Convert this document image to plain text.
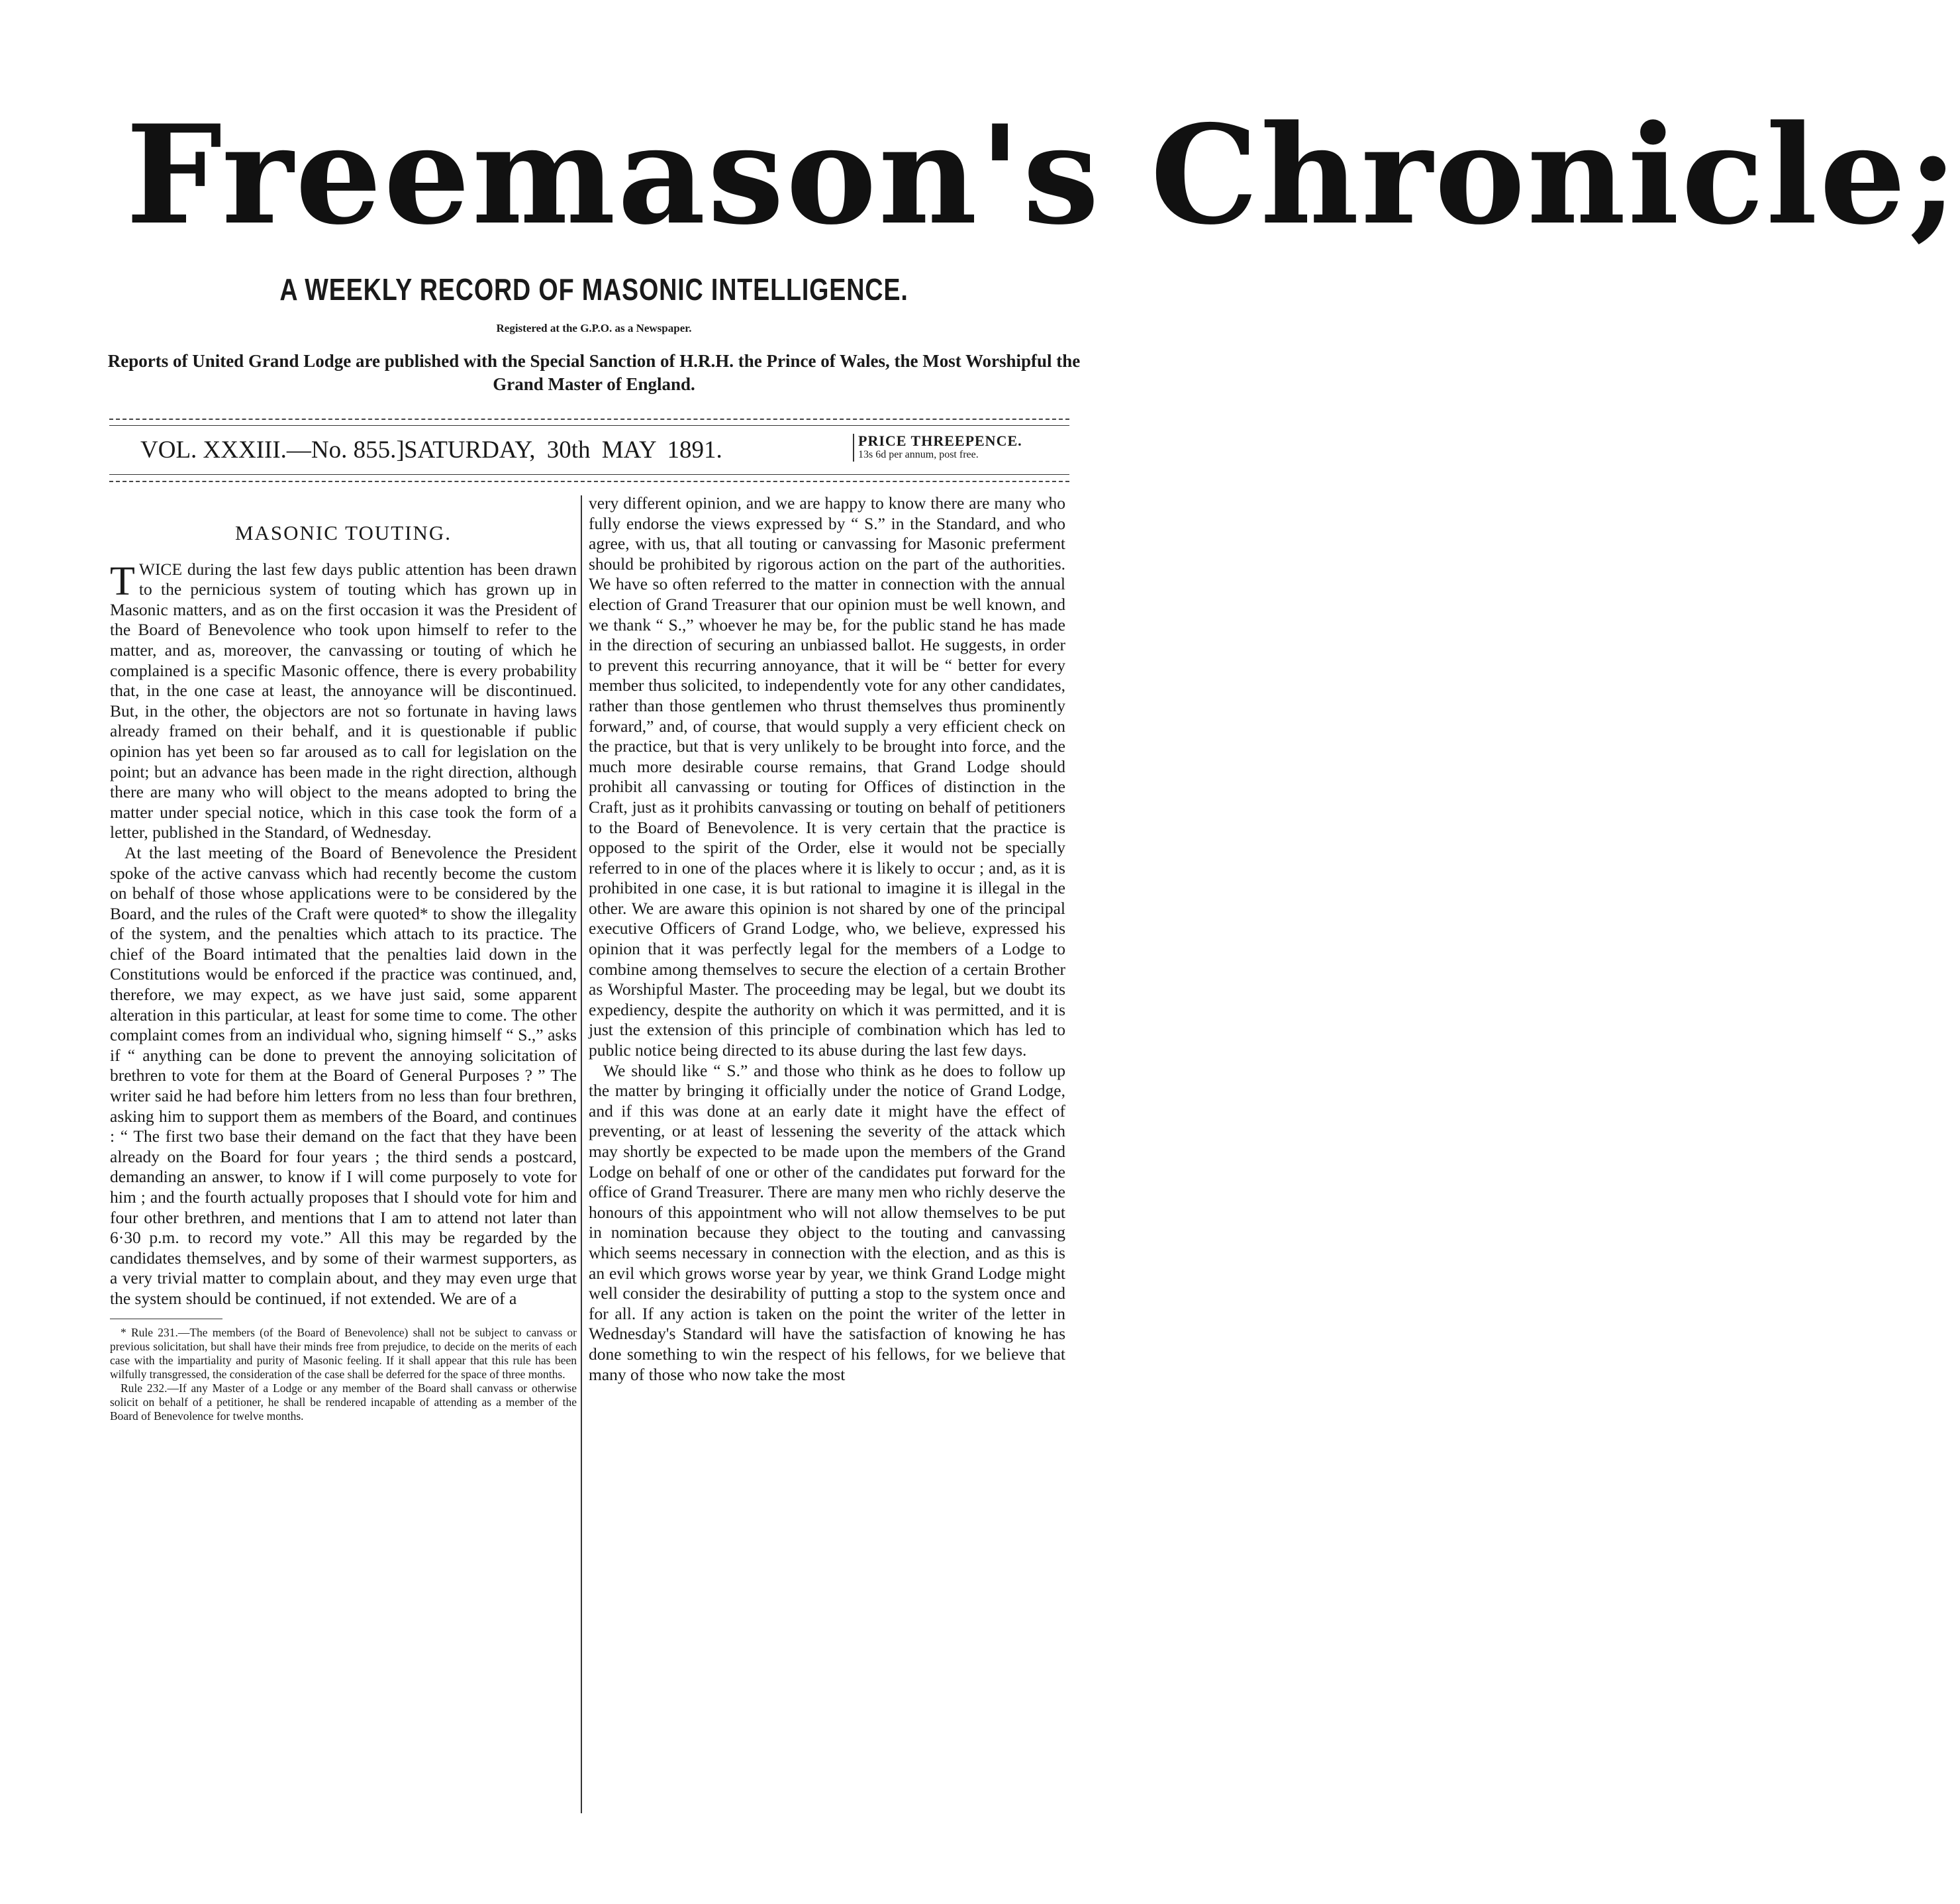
Freemason's Chronicle;
A WEEKLY RECORD OF MASONIC INTELLIGENCE.
Registered at the G.P.O. as a Newspaper.
Reports of United Grand Lodge are published with the Special Sanction of H.R.H. the Prince of Wales, the Most Worshipful the Grand Master of England.
VOL. XXXIII.—No. 855.] SATURDAY, 30th MAY 1891.	PRICE THREEPENCE.
13s 6d per annum, post free.
MASONIC TOUTING.

TWICE during the last few days public attention has been drawn to the pernicious system of touting which has grown up in Masonic matters, and as on the first occasion it was the President of the Board of Benevolence who took upon himself to refer to the matter, and as, moreover, the canvassing or touting of which he complained is a specific Masonic offence, there is every probability that, in the one case at least, the annoyance will be discontinued. But, in the other, the objectors are not so fortunate in having laws already framed on their behalf, and it is questionable if public opinion has yet been so far aroused as to call for legislation on the point; but an advance has been made in the right direction, although there are many who will object to the means adopted to bring the matter under special notice, which in this case took the form of a letter, published in the Standard, of Wednesday.

At the last meeting of the Board of Benevolence the President spoke of the active canvass which had recently become the custom on behalf of those whose applications were to be considered by the Board, and the rules of the Craft were quoted* to show the illegality of the system, and the penalties which attach to its practice. The chief of the Board intimated that the penalties laid down in the Constitutions would be enforced if the practice was continued, and, therefore, we may expect, as we have just said, some apparent alteration in this particular, at least for some time to come. The other complaint comes from an individual who, signing himself “ S.,” asks if “ anything can be done to prevent the annoying solicitation of brethren to vote for them at the Board of General Purposes ? ” The writer said he had before him letters from no less than four brethren, asking him to support them as members of the Board, and continues : “ The first two base their demand on the fact that they have been already on the Board for four years ; the third sends a postcard, demanding an answer, to know if I will come purposely to vote for him ; and the fourth actually proposes that I should vote for him and four other brethren, and mentions that I am to attend not later than 6·30 p.m. to record my vote.” All this may be regarded by the candidates themselves, and by some of their warmest supporters, as a very trivial matter to complain about, and they may even urge that the system should be continued, if not extended. We are of a

* Rule 231.—The members (of the Board of Benevolence) shall not be subject to canvass or previous solicitation, but shall have their minds free from prejudice, to decide on the merits of each case with the impartiality and purity of Masonic feeling. If it shall appear that this rule has been wilfully transgressed, the consideration of the case shall be deferred for the space of three months.

Rule 232.—If any Master of a Lodge or any member of the Board shall canvass or otherwise solicit on behalf of a petitioner, he shall be rendered incapable of attending as a member of the Board of Benevolence for twelve months.

very different opinion, and we are happy to know there are many who fully endorse the views expressed by “ S.” in the Standard, and who agree, with us, that all touting or canvassing for Masonic preferment should be prohibited by rigorous action on the part of the authorities. We have so often referred to the matter in connection with the annual election of Grand Treasurer that our opinion must be well known, and we thank “ S.,” whoever he may be, for the public stand he has made in the direction of securing an unbiassed ballot. He suggests, in order to prevent this recurring annoyance, that it will be “ better for every member thus solicited, to independently vote for any other candidates, rather than those gentlemen who thrust themselves thus prominently forward,” and, of course, that would supply a very efficient check on the practice, but that is very unlikely to be brought into force, and the much more desirable course remains, that Grand Lodge should prohibit all canvassing or touting for Offices of distinction in the Craft, just as it prohibits canvassing or touting on behalf of petitioners to the Board of Benevolence. It is very certain that the practice is opposed to the spirit of the Order, else it would not be specially referred to in one of the places where it is likely to occur ; and, as it is prohibited in one case, it is but rational to imagine it is illegal in the other. We are aware this opinion is not shared by one of the principal executive Officers of Grand Lodge, who, we believe, expressed his opinion that it was perfectly legal for the members of a Lodge to combine among themselves to secure the election of a certain Brother as Worshipful Master. The proceeding may be legal, but we doubt its expediency, despite the authority on which it was permitted, and it is just the extension of this principle of combination which has led to public notice being directed to its abuse during the last few days.

We should like “ S.” and those who think as he does to follow up the matter by bringing it officially under the notice of Grand Lodge, and if this was done at an early date it might have the effect of preventing, or at least of lessening the severity of the attack which may shortly be expected to be made upon the members of the Grand Lodge on behalf of one or other of the candidates put forward for the office of Grand Treasurer. There are many men who richly deserve the honours of this appointment who will not allow themselves to be put in nomination because they object to the touting and canvassing which seems necessary in connection with the election, and as this is an evil which grows worse year by year, we think Grand Lodge might well consider the desirability of putting a stop to the system once and for all. If any action is taken on the point the writer of the letter in Wednesday's Standard will have the satisfaction of knowing he has done something to win the respect of his fellows, for we believe that many of those who now take the most
